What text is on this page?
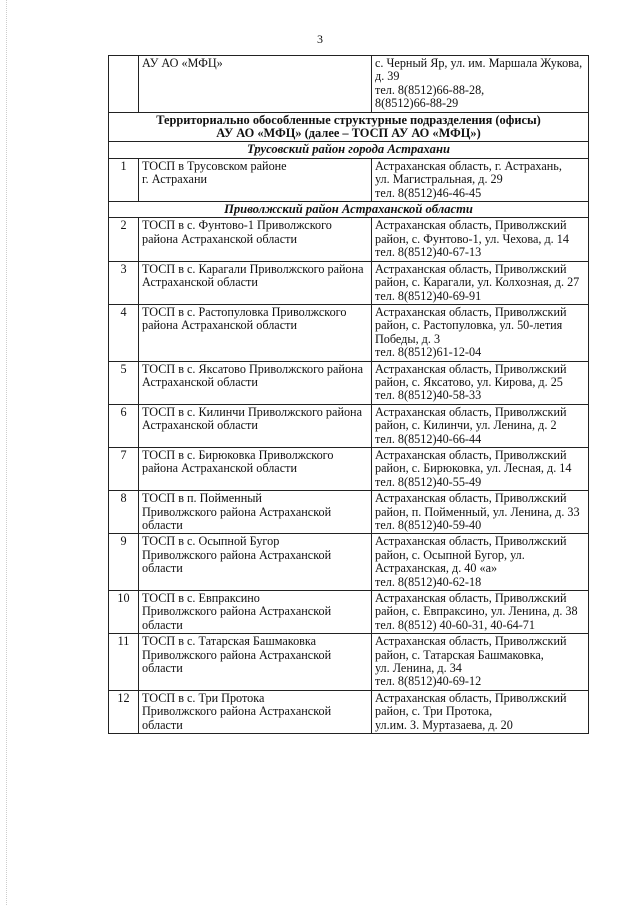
3
	АУ АО «МФЦ»	с. Черный Яр, ул. им. Маршала Жукова,
д. 39
тел. 8(8512)66-88-28,
8(8512)66-88-29
Территориально обособленные структурные подразделения (офисы)
АУ АО «МФЦ» (далее – ТОСП АУ АО «МФЦ»)		
Трусовский район города Астрахани		
1	ТОСП в Трусовском районе
г. Астрахани	Астраханская область, г. Астрахань,
ул. Магистральная, д. 29
тел. 8(8512)46-46-45
Приволжский район Астраханской области		
2	ТОСП в с. Фунтово-1 Приволжского района Астраханской области	Астраханская область, Приволжский район, с. Фунтово-1, ул. Чехова, д. 14
тел. 8(8512)40-67-13
3	ТОСП в с. Карагали Приволжского района Астраханской области	Астраханская область, Приволжский район, с. Карагали, ул. Колхозная, д. 27
тел. 8(8512)40-69-91
4	ТОСП в с. Растопуловка Приволжского района Астраханской области	Астраханская область, Приволжский район, с. Растопуловка, ул. 50-летия Победы, д. 3
тел. 8(8512)61-12-04
5	ТОСП в с. Яксатово Приволжского района Астраханской области	Астраханская область, Приволжский район, с. Яксатово, ул. Кирова, д. 25
тел. 8(8512)40-58-33
6	ТОСП в с. Килинчи Приволжского района Астраханской области	Астраханская область, Приволжский район, с. Килинчи, ул. Ленина, д. 2
тел. 8(8512)40-66-44
7	ТОСП в с. Бирюковка Приволжского района Астраханской области	Астраханская область, Приволжский район, с. Бирюковка, ул. Лесная, д. 14
тел. 8(8512)40-55-49
8	ТОСП в п. Пойменный
Приволжского района Астраханской области	Астраханская область, Приволжский район, п. Пойменный, ул. Ленина, д. 33
тел. 8(8512)40-59-40
9	ТОСП в с. Осыпной Бугор
Приволжского района Астраханской области	Астраханская область, Приволжский район, с. Осыпной Бугор, ул. Астраханская, д. 40 «а»
тел. 8(8512)40-62-18
10	ТОСП в с. Евпраксино
Приволжского района Астраханской области	Астраханская область, Приволжский район, с. Евпраксино, ул. Ленина, д. 38
тел. 8(8512) 40-60-31, 40-64-71
11	ТОСП в с. Татарская Башмаковка
Приволжского района Астраханской области	Астраханская область, Приволжский район, с. Татарская Башмаковка,
ул. Ленина, д. 34
тел. 8(8512)40-69-12
12	ТОСП в с. Три Протока
Приволжского района Астраханской области	Астраханская область, Приволжский район, с. Три Протока,
ул.им. З. Муртазаева, д. 20
